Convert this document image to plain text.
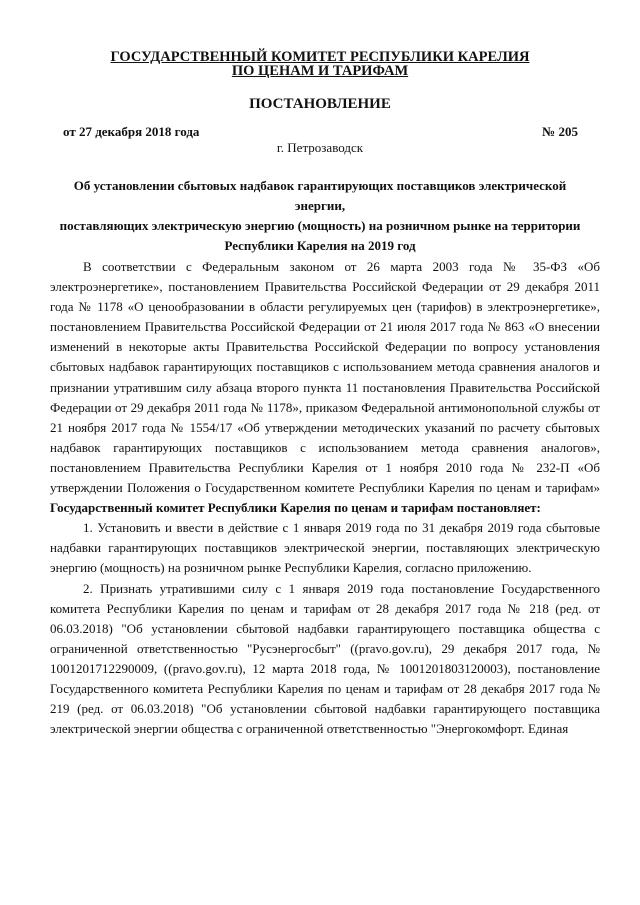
ГОСУДАРСТВЕННЫЙ КОМИТЕТ РЕСПУБЛИКИ КАРЕЛИЯ
ПО ЦЕНАМ И ТАРИФАМ
ПОСТАНОВЛЕНИЕ
от 27 декабря 2018 года	№ 205
г. Петрозаводск
Об установлении сбытовых надбавок гарантирующих поставщиков электрической энергии,
поставляющих электрическую энергию (мощность) на розничном рынке на территории
Республики Карелия на 2019 год

В соответствии с Федеральным законом от 26 марта 2003 года № 35-ФЗ «Об электроэнергетике», постановлением Правительства Российской Федерации от 29 декабря 2011 года № 1178 «О ценообразовании в области регулируемых цен (тарифов) в электроэнергетике», постановлением Правительства Российской Федерации от 21 июля 2017 года № 863 «О внесении изменений в некоторые акты Правительства Российской Федерации по вопросу установления сбытовых надбавок гарантирующих поставщиков с использованием метода сравнения аналогов и признании утратившим силу абзаца второго пункта 11 постановления Правительства Российской Федерации от 29 декабря 2011 года № 1178», приказом Федеральной антимонопольной службы от 21 ноября 2017 года № 1554/17 «Об утверждении методических указаний по расчету сбытовых надбавок гарантирующих поставщиков с использованием метода сравнения аналогов», постановлением Правительства Республики Карелия от 1 ноября 2010 года № 232-П «Об утверждении Положения о Государственном комитете Республики Карелия по ценам и тарифам» Государственный комитет Республики Карелия по ценам и тарифам постановляет:

1. Установить и ввести в действие с 1 января 2019 года по 31 декабря 2019 года сбытовые надбавки гарантирующих поставщиков электрической энергии, поставляющих электрическую энергию (мощность) на розничном рынке Республики Карелия, согласно приложению.

2. Признать утратившими силу с 1 января 2019 года постановление Государственного комитета Республики Карелия по ценам и тарифам от 28 декабря 2017 года № 218 (ред. от 06.03.2018) "Об установлении сбытовой надбавки гарантирующего поставщика общества с ограниченной ответственностью "Русэнергосбыт" ((pravo.gov.ru), 29 декабря 2017 года, № 1001201712290009, ((pravo.gov.ru), 12 марта 2018 года, № 1001201803120003), постановление Государственного комитета Республики Карелия по ценам и тарифам от 28 декабря 2017 года № 219 (ред. от 06.03.2018) "Об установлении сбытовой надбавки гарантирующего поставщика электрической энергии общества с ограниченной ответственностью "Энергокомфорт. Единая
